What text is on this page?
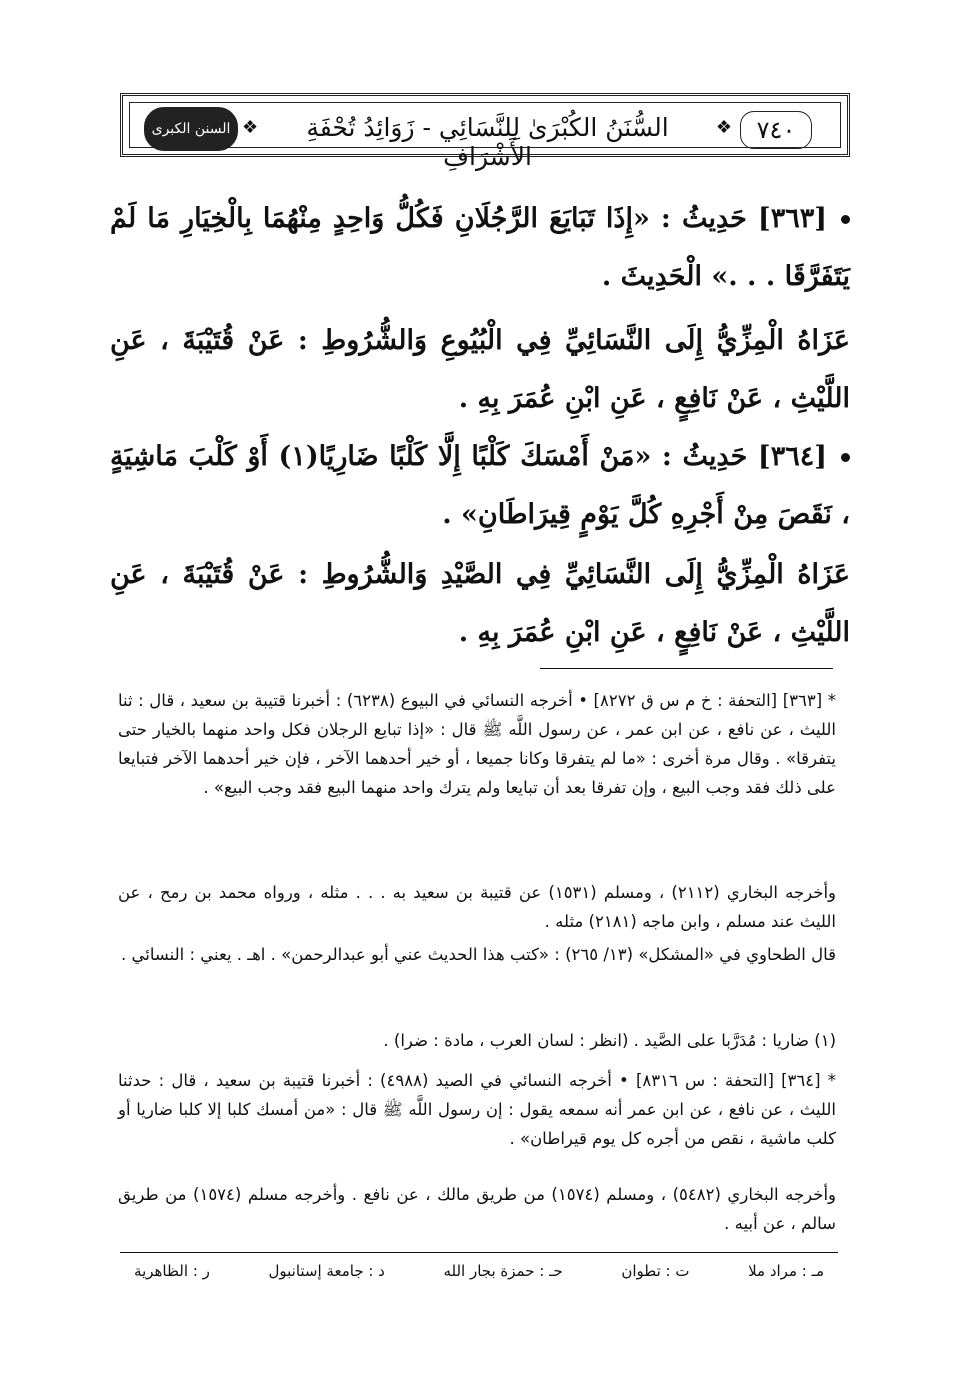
السنن الكبرى ❖	السُّنَنُ الكُبْرَىٰ لِلنَّسَائِي - زَوَائِدُ تُحْفَةِ الأَشْرَافِ
❖	٧٤٠
[٣٦٣] حَدِيثُ : «إِذَا تَبَايَعَ الرَّجُلَانِ فَكُلُّ وَاحِدٍ مِنْهُمَا بِالْخِيَارِ مَا لَمْ يَتَفَرَّقَا . . .» الْحَدِيثَ .
عَزَاهُ الْمِزِّيُّ إِلَى النَّسَائِيِّ فِي الْبُيُوعِ وَالشُّرُوطِ : عَنْ قُتَيْبَةَ ، عَنِ اللَّيْثِ ، عَنْ نَافِعٍ ، عَنِ ابْنِ عُمَرَ بِهِ .
[٣٦٤] حَدِيثُ : «مَنْ أَمْسَكَ كَلْبًا إِلَّا كَلْبًا ضَارِيًا(١) أَوْ كَلْبَ مَاشِيَةٍ ، نَقَصَ مِنْ أَجْرِهِ كُلَّ يَوْمٍ قِيرَاطَانِ» .
عَزَاهُ الْمِزِّيُّ إِلَى النَّسَائِيِّ فِي الصَّيْدِ وَالشُّرُوطِ : عَنْ قُتَيْبَةَ ، عَنِ اللَّيْثِ ، عَنْ نَافِعٍ ، عَنِ ابْنِ عُمَرَ بِهِ .
* [٣٦٣] [التحفة : خ م س ق ٨٢٧٢] • أخرجه النسائي في البيوع (٦٢٣٨) : أخبرنا قتيبة بن سعيد ، قال : ثنا الليث ، عن نافع ، عن ابن عمر ، عن رسول اللَّه ﷺ قال : «إذا تبايع الرجلان فكل واحد منهما بالخيار حتى يتفرقا» . وقال مرة أخرى : «ما لم يتفرقا وكانا جميعا ، أو خير أحدهما الآخر ، فإن خير أحدهما الآخر فتبايعا على ذلك فقد وجب البيع ، وإن تفرقا بعد أن تبايعا ولم يترك واحد منهما البيع فقد وجب البيع» .
وأخرجه البخاري (٢١١٢) ، ومسلم (١٥٣١) عن قتيبة بن سعيد به . . . مثله ، ورواه محمد بن رمح ، عن الليث عند مسلم ، وابن ماجه (٢١٨١) مثله .
قال الطحاوي في «المشكل» (١٣/ ٢٦٥) : «كتب هذا الحديث عني أبو عبدالرحمن» . اهـ . يعني : النسائي .
(١) ضاريا : مُدَرَّبا على الصَّيد . (انظر : لسان العرب ، مادة : ضرا) .
* [٣٦٤] [التحفة : س ٨٣١٦] • أخرجه النسائي في الصيد (٤٩٨٨) : أخبرنا قتيبة بن سعيد ، قال : حدثنا الليث ، عن نافع ، عن ابن عمر أنه سمعه يقول : إن رسول اللَّه ﷺ قال : «من أمسك كلبا إلا كلبا ضاريا أو كلب ماشية ، نقص من أجره كل يوم قيراطان» .
وأخرجه البخاري (٥٤٨٢) ، ومسلم (١٥٧٤) من طريق مالك ، عن نافع . وأخرجه مسلم (١٥٧٤) من طريق سالم ، عن أبيه .
مـ : مراد ملا
ت : تطوان
حـ : حمزة بجار الله
د : جامعة إستانبول
ر : الظاهرية
